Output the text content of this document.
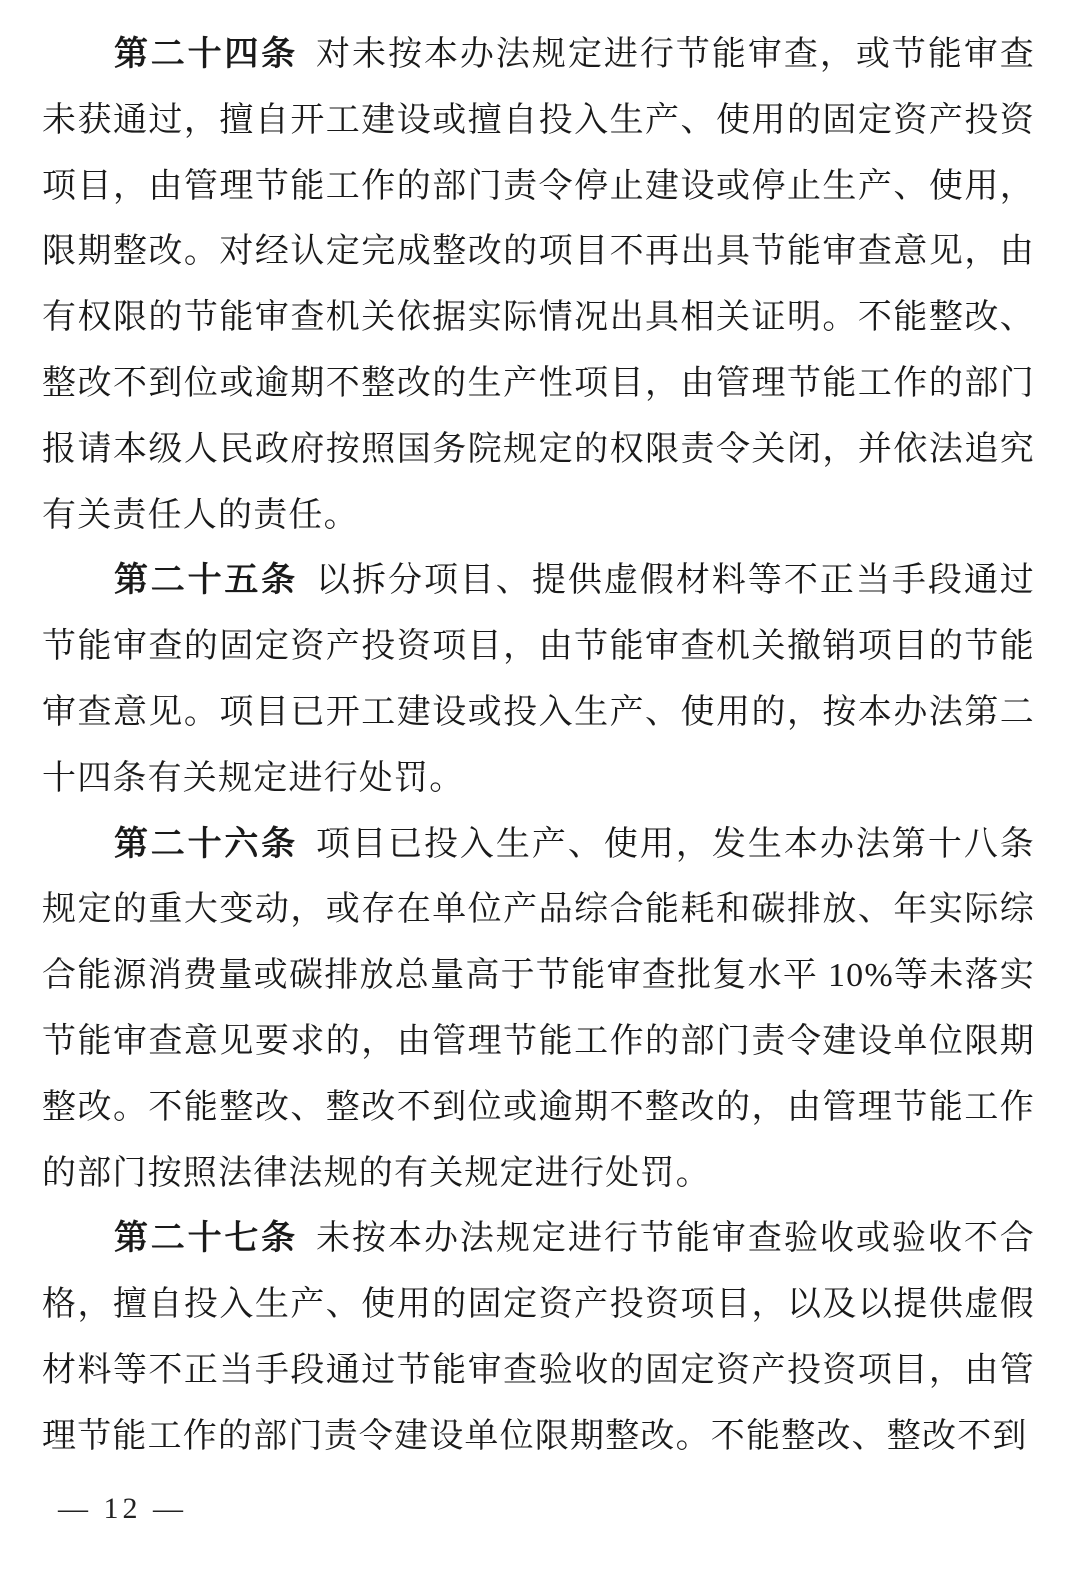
第二十四条 对未按本办法规定进行节能审查，或节能审查未获通过，擅自开工建设或擅自投入生产、使用的固定资产投资项目，由管理节能工作的部门责令停止建设或停止生产、使用，限期整改。对经认定完成整改的项目不再出具节能审查意见，由有权限的节能审查机关依据实际情况出具相关证明。不能整改、整改不到位或逾期不整改的生产性项目，由管理节能工作的部门报请本级人民政府按照国务院规定的权限责令关闭，并依法追究有关责任人的责任。

第二十五条 以拆分项目、提供虚假材料等不正当手段通过节能审查的固定资产投资项目，由节能审查机关撤销项目的节能审查意见。项目已开工建设或投入生产、使用的，按本办法第二十四条有关规定进行处罚。

第二十六条 项目已投入生产、使用，发生本办法第十八条规定的重大变动，或存在单位产品综合能耗和碳排放、年实际综合能源消费量或碳排放总量高于节能审查批复水平 10%等未落实节能审查意见要求的，由管理节能工作的部门责令建设单位限期整改。不能整改、整改不到位或逾期不整改的，由管理节能工作的部门按照法律法规的有关规定进行处罚。

第二十七条 未按本办法规定进行节能审查验收或验收不合格，擅自投入生产、使用的固定资产投资项目，以及以提供虚假材料等不正当手段通过节能审查验收的固定资产投资项目，由管理节能工作的部门责令建设单位限期整改。不能整改、整改不到

— 12 —
